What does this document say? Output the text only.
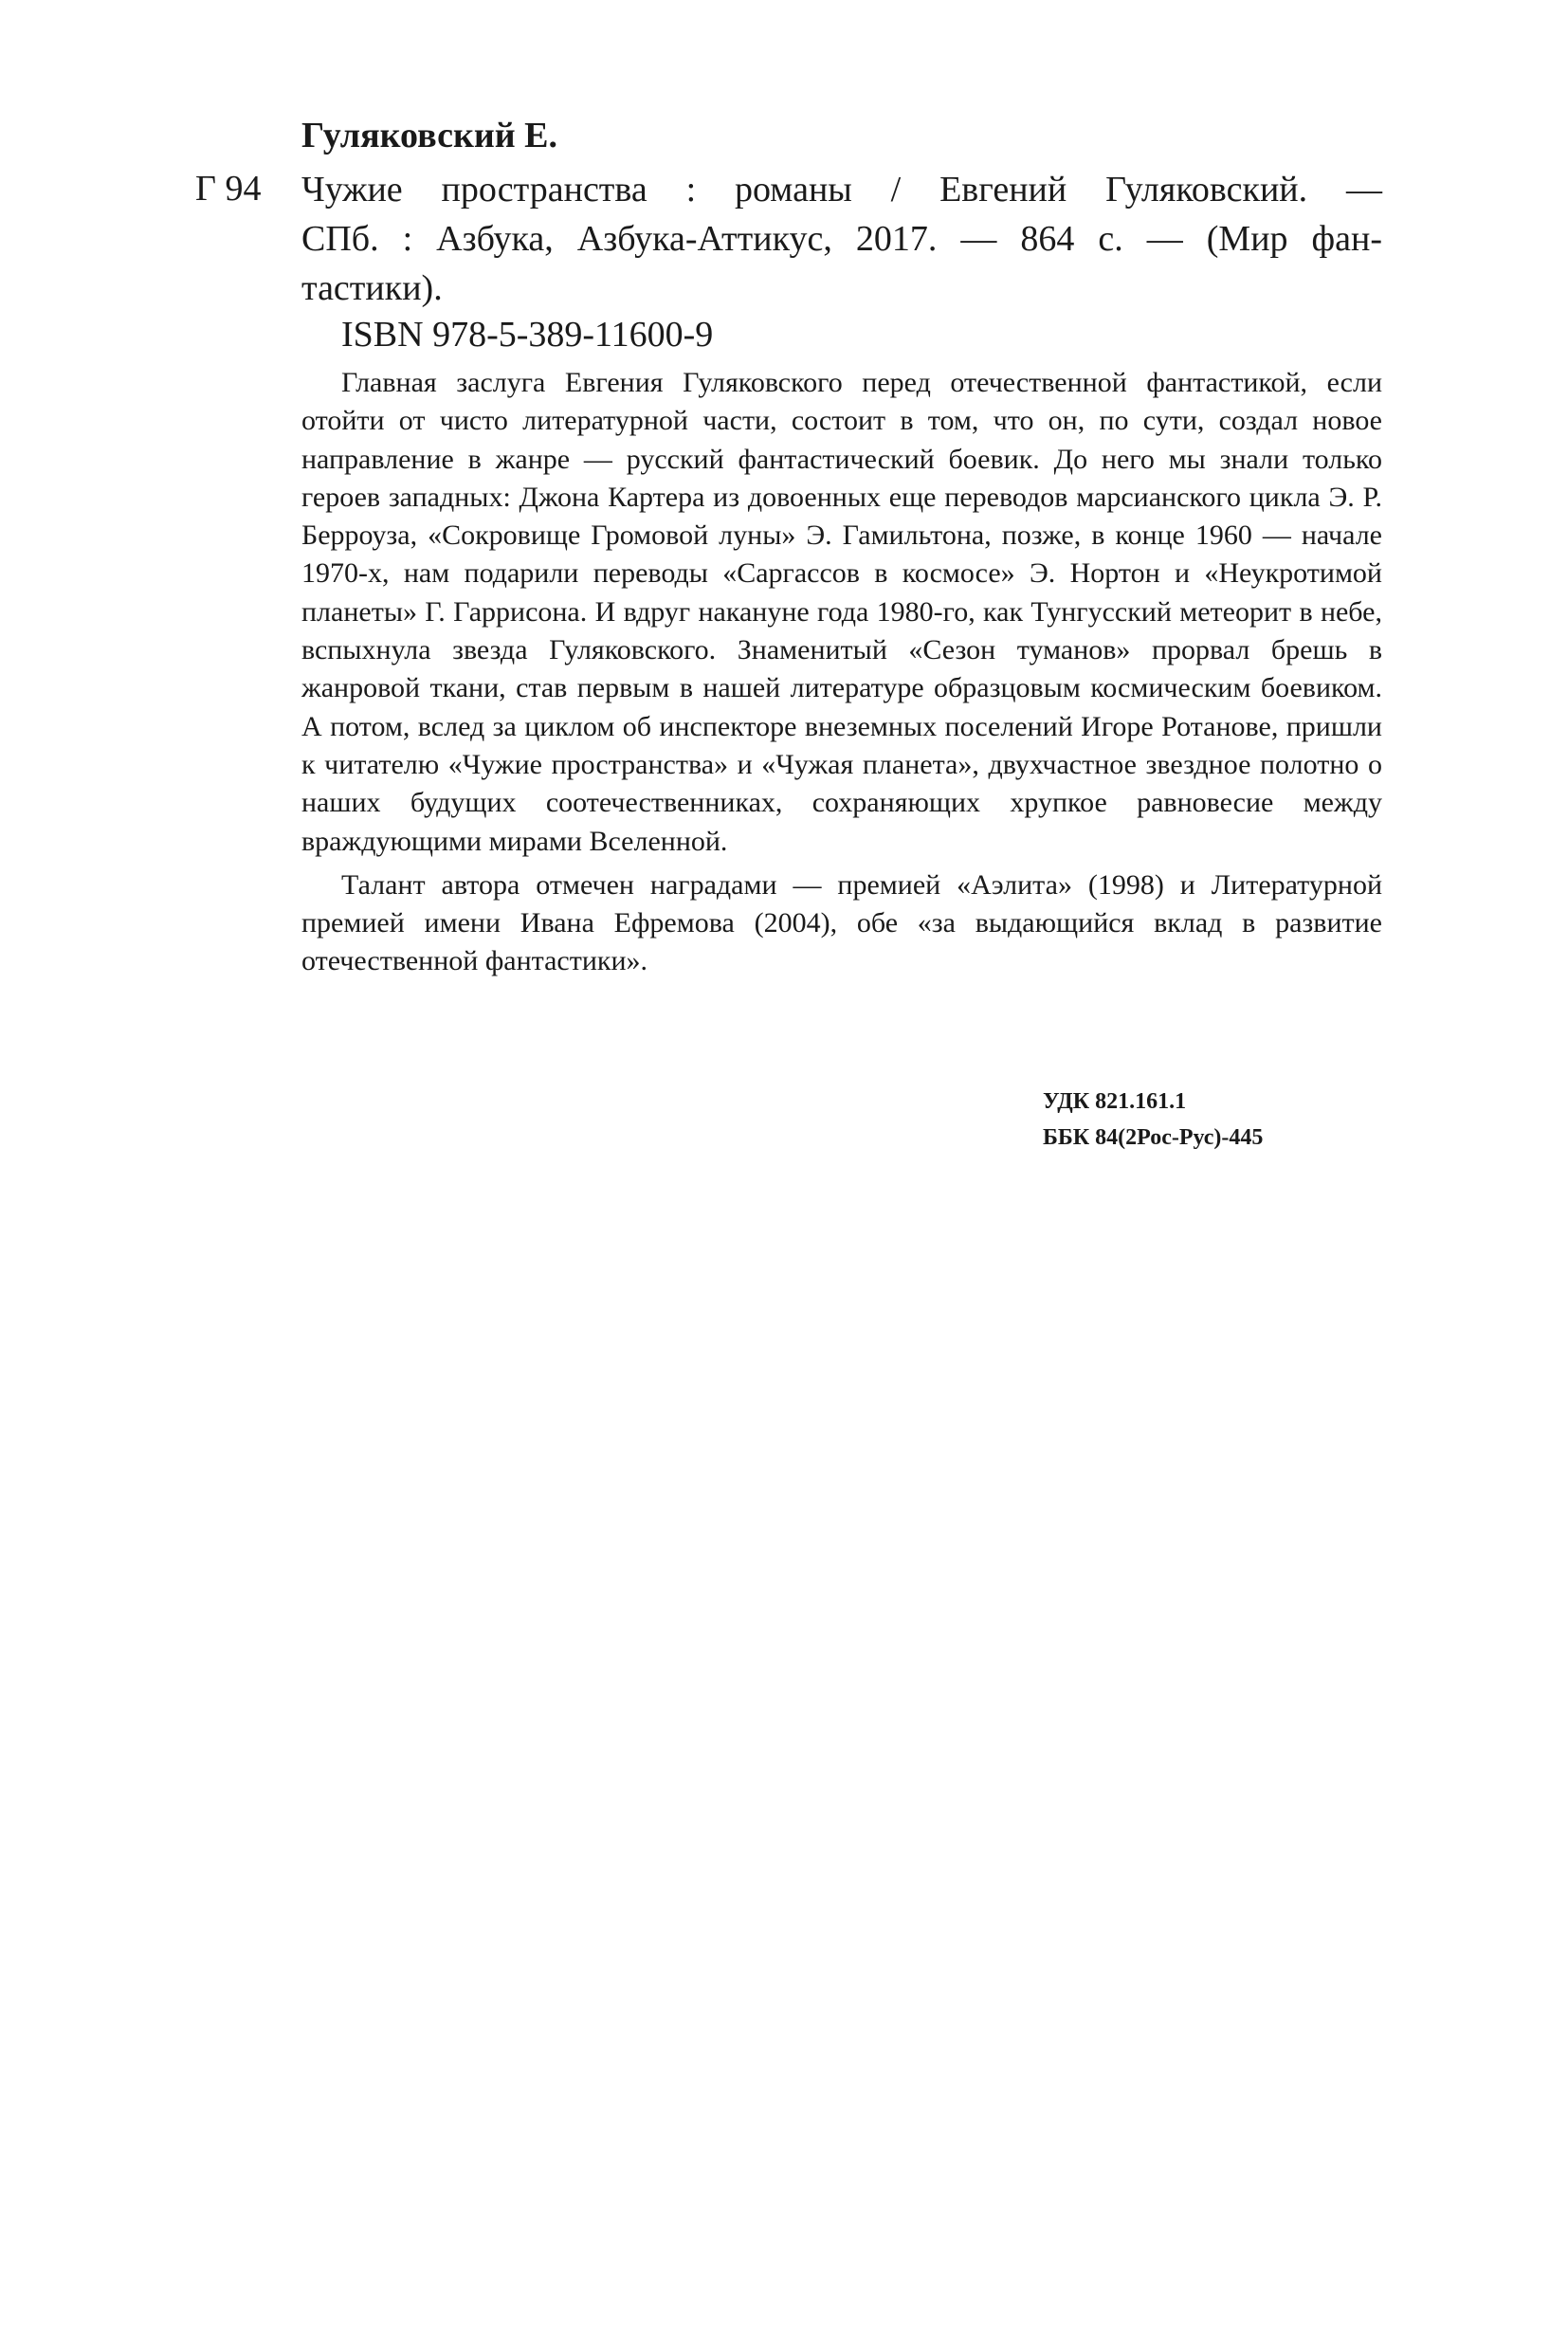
Гуляковский Е.
Г 94 Чужие пространства : романы / Евгений Гуляковский. —
СПб. : Азбука, Азбука-Аттикус, 2017. — 864 с. — (Мир фан-
тастики).
ISBN 978-5-389-11600-9

Главная заслуга Евгения Гуляковского перед отечественной фантастикой, если отойти от чисто литературной части, состоит в том, что он, по сути, создал новое направление в жанре — русский фантастический боевик. До него мы знали только героев западных: Джона Картера из довоенных еще переводов марсианского цикла Э. Р. Берроуза, «Сокровище Громовой луны» Э. Гамильтона, позже, в конце 1960 — начале 1970-х, нам подарили переводы «Саргассов в космосе» Э. Нортон и «Неукротимой планеты» Г. Гаррисона. И вдруг накануне года 1980-го, как Тунгусский метеорит в небе, вспыхнула звезда Гуляковского. Знаменитый «Сезон туманов» прорвал брешь в жанровой ткани, став первым в нашей литературе образцовым космическим боевиком. А потом, вслед за циклом об инспекторе внеземных поселений Игоре Ротанове, пришли к читателю «Чужие пространства» и «Чужая планета», двухчастное звездное полотно о наших будущих соотечественниках, сохраняющих хрупкое равновесие между враждующими мирами Вселенной.

Талант автора отмечен наградами — премией «Аэлита» (1998) и Литературной премией имени Ивана Ефремова (2004), обе «за выдающийся вклад в развитие отечественной фантастики».

УДК 821.161.1
ББК 84(2Рос-Рус)-445
